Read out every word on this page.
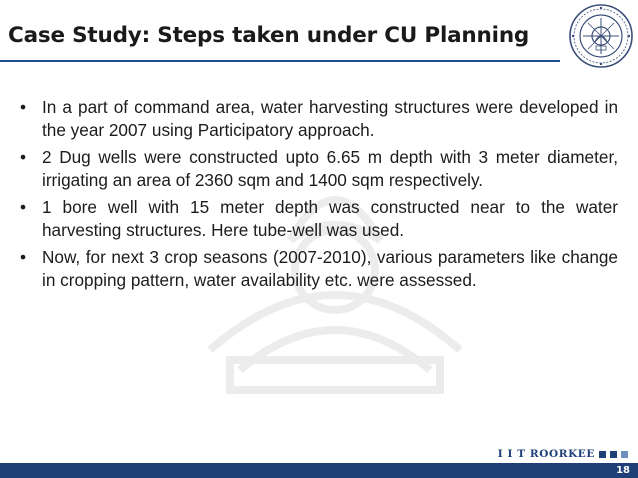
Case Study: Steps taken under CU Planning
• In a part of command area, water harvesting structures were developed in the year 2007 using Participatory approach.
• 2 Dug wells were constructed upto 6.65 m depth with 3 meter diameter, irrigating an area of 2360 sqm and 1400 sqm respectively.
• 1 bore well with 15 meter depth was constructed near to the water harvesting structures. Here tube-well was used.
• Now, for next 3 crop seasons (2007-2010), various parameters like change in cropping pattern, water availability etc. were assessed.
I I T ROORKEE
18
